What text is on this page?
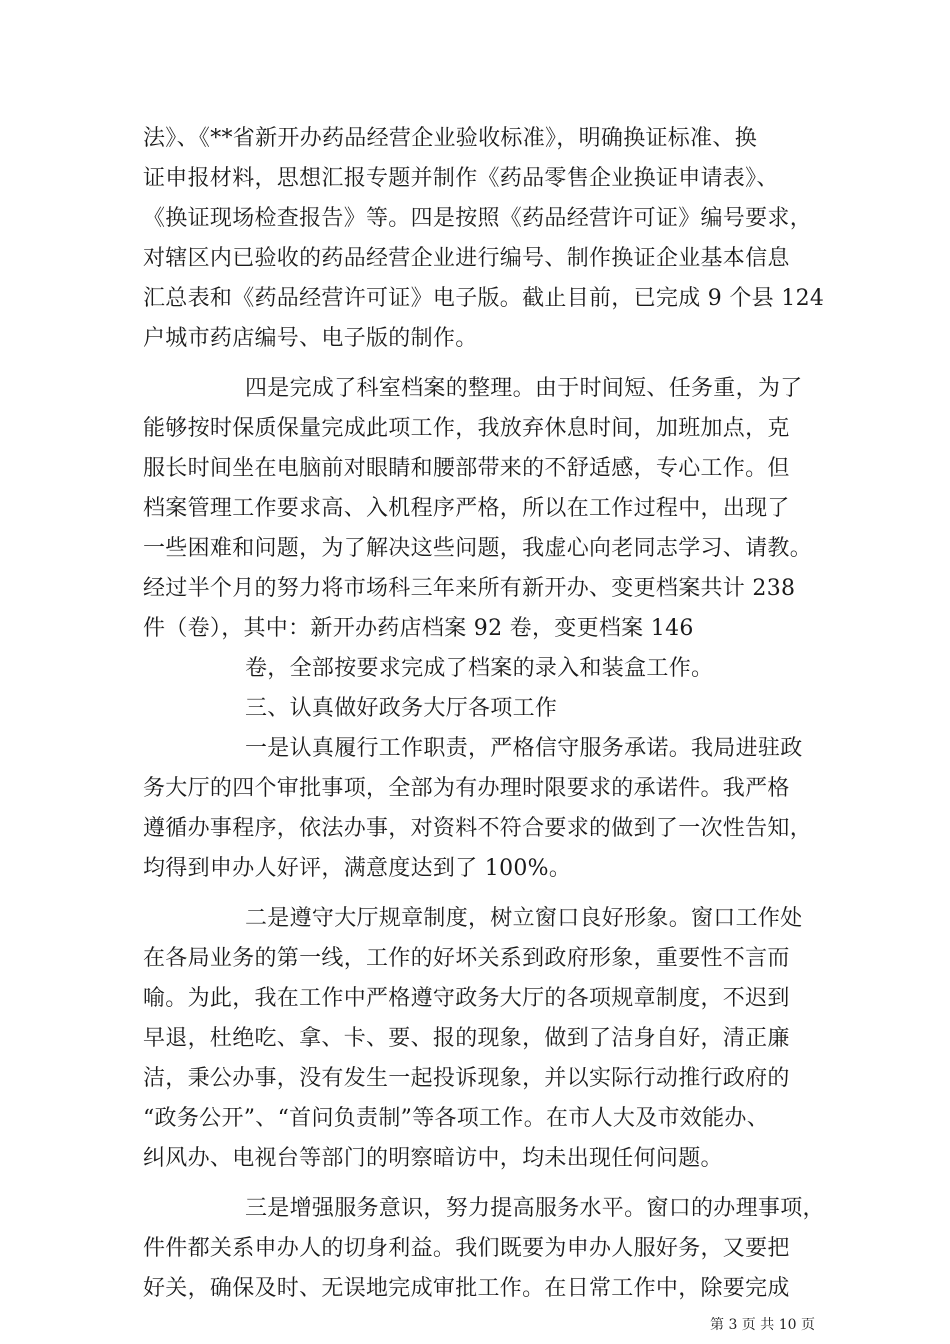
法》、《**省新开办药品经营企业验收标准》，明确换证标准、换
证申报材料，思想汇报专题并制作《药品零售企业换证申请表》、
《换证现场检查报告》等。四是按照《药品经营许可证》编号要求，
对辖区内已验收的药品经营企业进行编号、制作换证企业基本信息
汇总表和《药品经营许可证》电子版。截止目前，已完成 9 个县 124
户城市药店编号、电子版的制作。
四是完成了科室档案的整理。由于时间短、任务重，为了
能够按时保质保量完成此项工作，我放弃休息时间，加班加点，克
服长时间坐在电脑前对眼睛和腰部带来的不舒适感，专心工作。但
档案管理工作要求高、入机程序严格，所以在工作过程中，出现了
一些困难和问题，为了解决这些问题，我虚心向老同志学习、请教。
经过半个月的努力将市场科三年来所有新开办、变更档案共计 238
件（卷），其中：新开办药店档案 92 卷，变更档案 146
卷，全部按要求完成了档案的录入和装盒工作。
三、认真做好政务大厅各项工作
一是认真履行工作职责，严格信守服务承诺。我局进驻政
务大厅的四个审批事项，全部为有办理时限要求的承诺件。我严格
遵循办事程序，依法办事，对资料不符合要求的做到了一次性告知，
均得到申办人好评，满意度达到了 100%。
二是遵守大厅规章制度，树立窗口良好形象。窗口工作处
在各局业务的第一线，工作的好坏关系到政府形象，重要性不言而
喻。为此，我在工作中严格遵守政务大厅的各项规章制度，不迟到
早退，杜绝吃、拿、卡、要、报的现象，做到了洁身自好，清正廉
洁，秉公办事，没有发生一起投诉现象，并以实际行动推行政府的
“政务公开”、“首问负责制”等各项工作。在市人大及市效能办、
纠风办、电视台等部门的明察暗访中，均未出现任何问题。
三是增强服务意识，努力提高服务水平。窗口的办理事项，
件件都关系申办人的切身利益。我们既要为申办人服好务，又要把
好关，确保及时、无误地完成审批工作。在日常工作中，除要完成
第 3 页 共 10 页
